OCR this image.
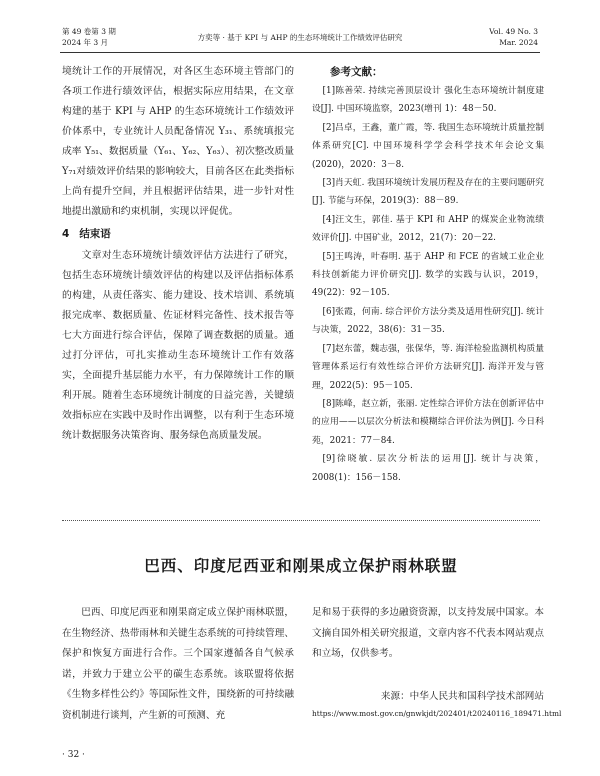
第 49 卷第 3 期
2024 年 3 月
方奕等 · 基于 KPI 与 AHP 的生态环境统计工作绩效评估研究
Vol. 49 No. 3
Mar. 2024

境统计工作的开展情况，对各区生态环境主管部门的各项工作进行绩效评估，根据实际应用结果，在文章构建的基于 KPI 与 AHP 的生态环境统计工作绩效评价体系中，专业统计人员配备情况 Y₃₁、系统填报完成率 Y₅₁、数据质量（Y₆₁、Y₆₂、Y₆₃）、初次整改质量 Y₇₁对绩效评价结果的影响较大，目前各区在此类指标上尚有提升空间，并且根据评估结果，进一步针对性地提出激励和约束机制，实现以评促优。

4 结束语

文章对生态环境统计绩效评估方法进行了研究，包括生态环境统计绩效评估的构建以及评估指标体系的构建，从责任落实、能力建设、技术培训、系统填报完成率、数据质量、佐证材料完备性、技术报告等七大方面进行综合评估，保障了调查数据的质量。通过打分评估，可扎实推动生态环境统计工作有效落实，全面提升基层能力水平，有力保障统计工作的顺利开展。随着生态环境统计制度的日益完善，关键绩效指标应在实践中及时作出调整，以有利于生态环境统计数据服务决策咨询、服务绿色高质量发展。

参考文献：

[1]陈善荣. 持续完善顶层设计 强化生态环境统计制度建设[J]. 中国环境监察，2023(增刊 1)：48－50.

[2]吕卓，王鑫，董广霞，等. 我国生态环境统计质量控制体系研究[C]. 中国环境科学学会科学技术年会论文集(2020)，2020：3－8.

[3]肖天虹. 我国环境统计发展历程及存在的主要问题研究[J]. 节能与环保，2019(3)：88－89.

[4]汪文生，郭佳. 基于 KPI 和 AHP 的煤炭企业物流绩效评价[J]. 中国矿业，2012，21(7)：20－22.

[5]王鸣涛，叶春明. 基于 AHP 和 FCE 的省域工业企业科技创新能力评价研究[J]. 数学的实践与认识，2019，49(22)：92－105.

[6]张霞，何南. 综合评价方法分类及适用性研究[J]. 统计与决策，2022，38(6)：31－35.

[7]赵东蕾，魏志强，张保华，等. 海洋检验监测机构质量管理体系运行有效性综合评价方法研究[J]. 海洋开发与管理，2022(5)：95－105.

[8]陈峰，赵立新，张丽. 定性综合评价方法在创新评估中的应用——以层次分析法和模糊综合评价法为例[J]. 今日科苑，2021：77－84.

[9]徐晓敏. 层次分析法的运用[J]. 统计与决策，2008(1)：156－158.

巴西、印度尼西亚和刚果成立保护雨林联盟

巴西、印度尼西亚和刚果商定成立保护雨林联盟，在生物经济、热带雨林和关键生态系统的可持续管理、保护和恢复方面进行合作。三个国家遵循各自气候承诺，并致力于建立公平的碳生态系统。该联盟将依据《生物多样性公约》等国际性文件，围绕新的可持续融资机制进行谈判，产生新的可预测、充

足和易于获得的多边融资资源，以支持发展中国家。本文摘自国外相关研究报道，文章内容不代表本网站观点和立场，仅供参考。

来源：中华人民共和国科学技术部网站
https://www.most.gov.cn/gnwkjdt/202401/t20240116_189471.html
· 32 ·
